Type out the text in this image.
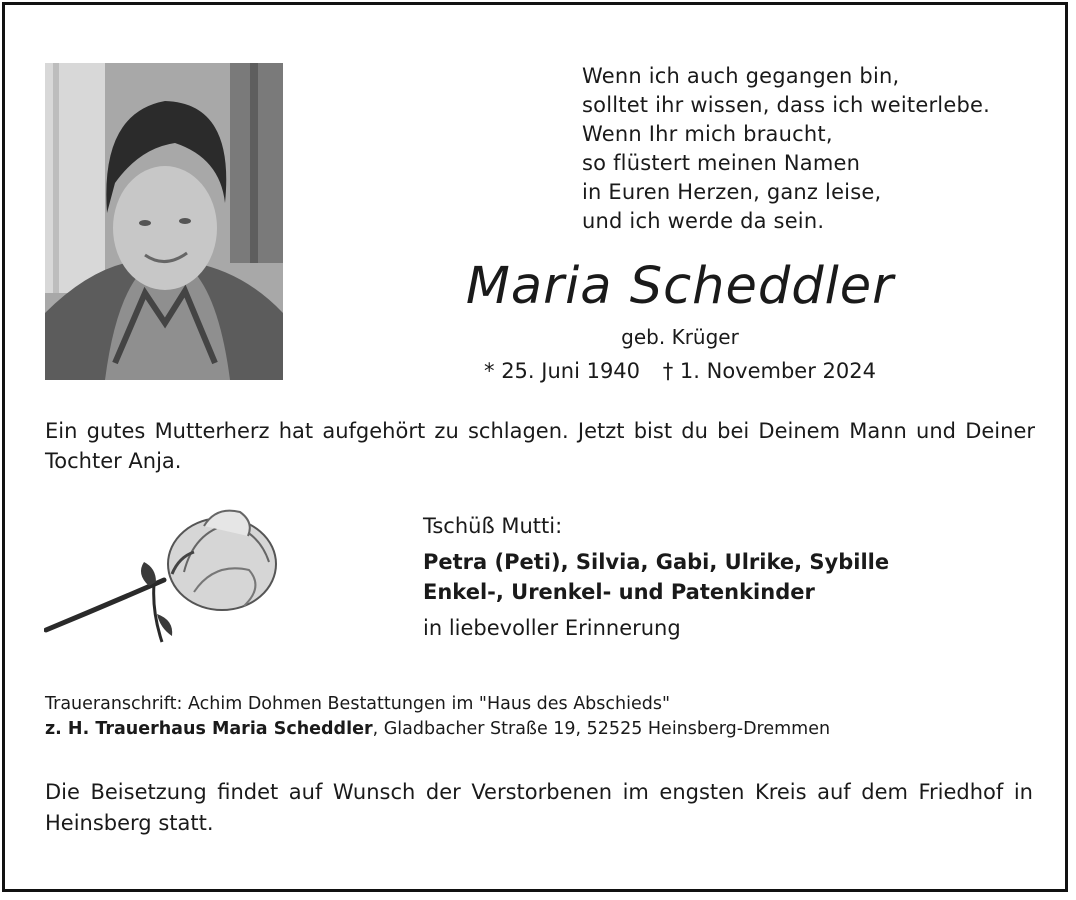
Wenn ich auch gegangen bin,
solltet ihr wissen, dass ich weiterlebe.
Wenn Ihr mich braucht,
so flüstert meinen Namen
in Euren Herzen, ganz leise,
und ich werde da sein.
Maria Scheddler
geb. Krüger
* 25. Juni 1940 † 1. November 2024
Ein gutes Mutterherz hat aufgehört zu schlagen. Jetzt bist du bei Deinem Mann und Deiner Tochter Anja.
Tschüß Mutti:
Petra (Peti), Silvia, Gabi, Ulrike, Sybille
Enkel-, Urenkel- und Patenkinder
in liebevoller Erinnerung
Traueranschrift: Achim Dohmen Bestattungen im "Haus des Abschieds"
z. H. Trauerhaus Maria Scheddler, Gladbacher Straße 19, 52525 Heinsberg-Dremmen
Die Beisetzung findet auf Wunsch der Verstorbenen im engsten Kreis auf dem Friedhof in Heinsberg statt.
